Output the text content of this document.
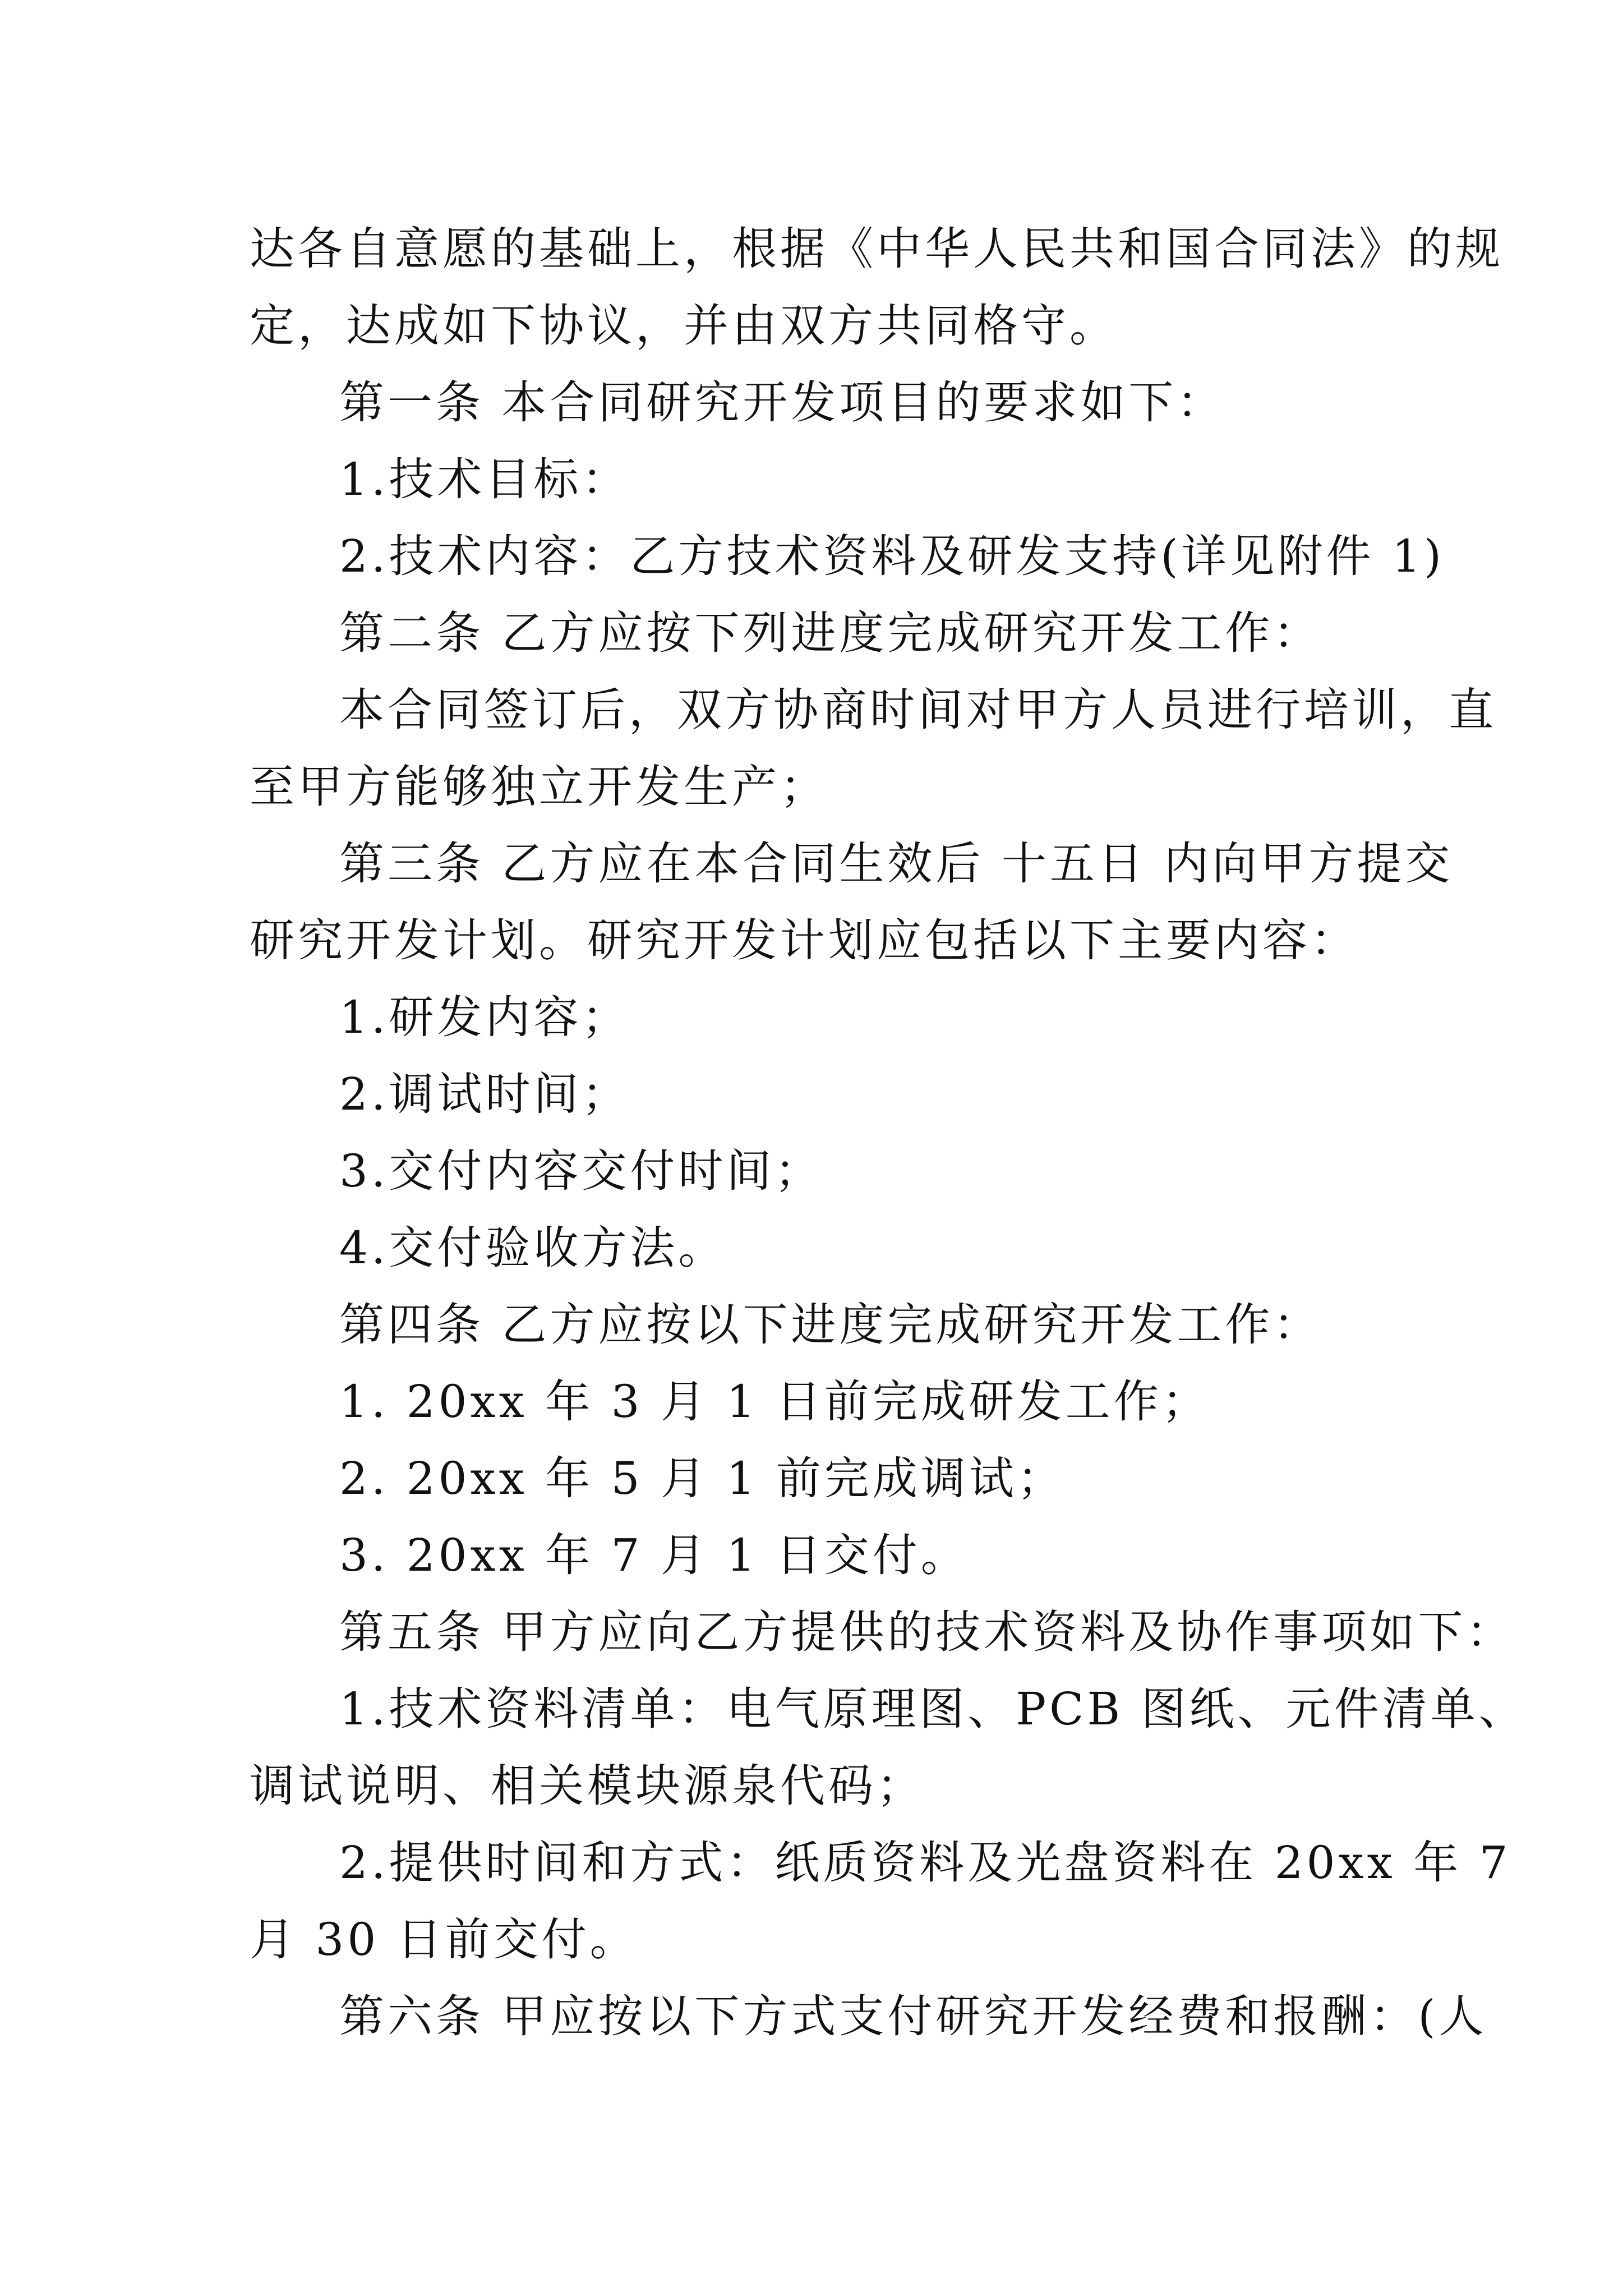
达各自意愿的基础上，根据《中华人民共和国合同法》的规
定，达成如下协议，并由双方共同格守。
第一条 本合同研究开发项目的要求如下：
1.技术目标：
2.技术内容：乙方技术资料及研发支持(详见附件 1)
第二条 乙方应按下列进度完成研究开发工作：
本合同签订后，双方协商时间对甲方人员进行培训，直
至甲方能够独立开发生产；
第三条 乙方应在本合同生效后 十五日 内向甲方提交
研究开发计划。研究开发计划应包括以下主要内容：
1.研发内容；
2.调试时间；
3.交付内容交付时间；
4.交付验收方法。
第四条 乙方应按以下进度完成研究开发工作：
1. 20xx 年 3 月 1 日前完成研发工作；
2. 20xx 年 5 月 1 前完成调试；
3. 20xx 年 7 月 1 日交付。
第五条 甲方应向乙方提供的技术资料及协作事项如下：
1.技术资料清单：电气原理图、PCB 图纸、元件清单、
调试说明、相关模块源泉代码；
2.提供时间和方式：纸质资料及光盘资料在 20xx 年 7
月 30 日前交付。
第六条 甲应按以下方式支付研究开发经费和报酬：(人
